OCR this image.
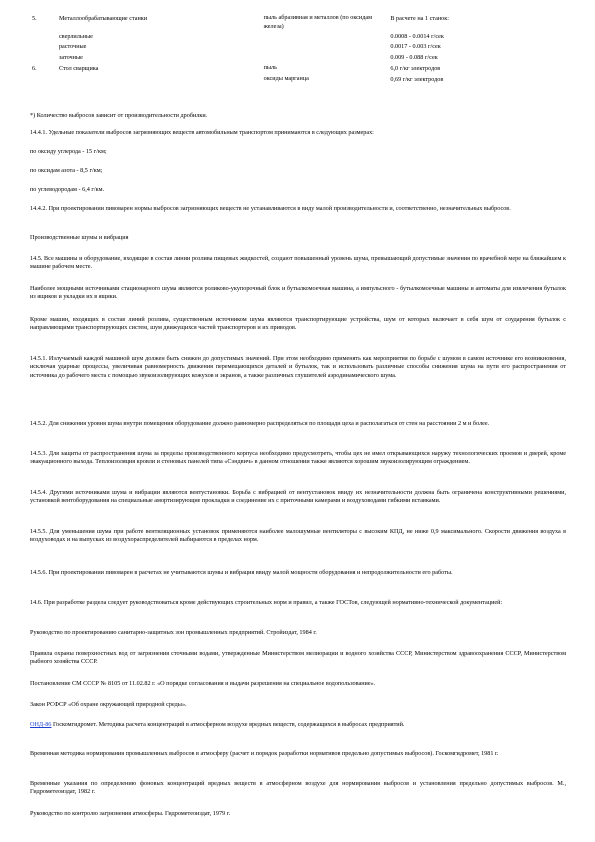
5.	Металлообрабатывающие станки	пыль абразивная и металлов (по оксидам железа)	В расчете на 1 станок:
	сверлильные		0.0008 - 0.0014 г/сек
	расточные		0.0017 - 0.003 г/сек
	заточные		0.009 - 0.088 г/сек
6.	Стол сварщика	пыль	6,0 г/кг электродов
		оксиды марганца	0,69 г/кг электродов

*) Количество выбросов зависит от производительности дробилки.

14.4.1. Удельные показатели выбросов загрязняющих веществ автомобильным транспортом принимаются в следующих размерах:

по оксиду углерода - 15 г/км;

по оксидам азота - 8,5 г/км;

по углеводородам - 6,4 г/км.

14.4.2. При проектировании пивоварен нормы выбросов загрязняющих веществ не устанавливаются в виду малой производительности и, соответственно, незначительных выбросов.

Производственные шумы и вибрация

14.5. Все машины и оборудование, входящие в состав линии розлива пищевых жидкостей, создают повышенный уровень шума, превышающий допустимые значения по врачебной мере на ближайшем к машине рабочем месте.

Наиболее мощными источниками стационарного шума являются роликово-укупорочный блок и бутылкомоечная машина, а импульсного - бутылкомоечные машины и автоматы для извлечения бутылок из ящиков и укладки их в ящики.

Кроме машин, входящих в состав линий розлива, существенным источником шума являются транспортирующие устройства, шум от которых включает в себя шум от соударения бутылок с направляющими транспортирующих систем, шум движущихся частей транспортеров и их приводов.

14.5.1. Излучаемый каждой машиной шум должен быть снижен до допустимых значений. При этом необходимо применять как мероприятия по борьбе с шумом в самом источнике его возникновения, исключая ударные процессы, увеличивая равномерность движения перемещающихся деталей и бутылок, так и использовать различные способы снижения шума на пути его распространения от источника до рабочего места с помощью звукоизолирующих кожухов и экранов, а также различных глушителей аэродинамического шума.

14.5.2. Для снижения уровня шума внутри помещения оборудование должно равномерно распределяться по площади цеха и располагаться от стен на расстоянии 2 м и более.

14.5.3. Для защиты от распространения шума за пределы производственного корпуса необходимо предусмотреть, чтобы цех не имел открывающихся наружу технологических проемов и дверей, кроме эвакуационного выхода. Теплоизоляция кровли и стеновых панелей типа «Сэндвич» в данном отношении также являются хорошим звукоизолирующим ограждением.

14.5.4. Другими источниками шума и вибрации являются вентустановки. Борьба с вибрацией от вентустановок ввиду их незначительности должна быть ограничена конструктивными решениями, установкой вентоборудования на специальные амортизирующие прокладки и соединение их с приточными камерами и воздуховодами гибкими вставками.

14.5.5. Для уменьшения шума при работе вентиляционных установок применяются наиболее малошумные вентиляторы с высоким КПД, не ниже 0,9 максимального. Скорости движения воздуха в воздуховодах и на выпусках из воздухораспределителей выбираются в пределах норм.

14.5.6. При проектировании пивоварен в расчетах не учитываются шумы и вибрация ввиду малой мощности оборудования и непродолжительности его работы.

14.6. При разработке раздела следует руководствоваться кроме действующих строительных норм и правил, а также ГОСТов, следующей нормативно-технической документацией:

Руководство по проектированию санитарно-защитных зон промышленных предприятий. Стройиздат, 1984 г.

Правила охраны поверхностных вод от загрязнения сточными водами, утвержденные Министерством мелиорации и водного хозяйства СССР, Министерством здравоохранения СССР, Министерством рыбного хозяйства СССР.

Постановление СМ СССР № 8105 от 11.02.82 г. «О порядке согласования и выдачи разрешения на специальное водопользование».

Закон РСФСР «Об охране окружающей природной среды».

ОНД-86 Госкомгидромет. Методика расчета концентраций в атмосферном воздухе вредных веществ, содержащихся в выбросах предприятий.

Временная методика нормирования промышленных выбросов в атмосферу (расчет и порядок разработки нормативов предельно допустимых выбросов). Госкомгидромет, 1981 г.

Временные указания по определению фоновых концентраций вредных веществ в атмосферном воздухе для нормирования выбросов и установления предельно допустимых выбросов. М., Гидрометеоиздат, 1982 г.

Руководство по контролю загрязнения атмосферы. Гидрометеоиздат, 1979 г.
